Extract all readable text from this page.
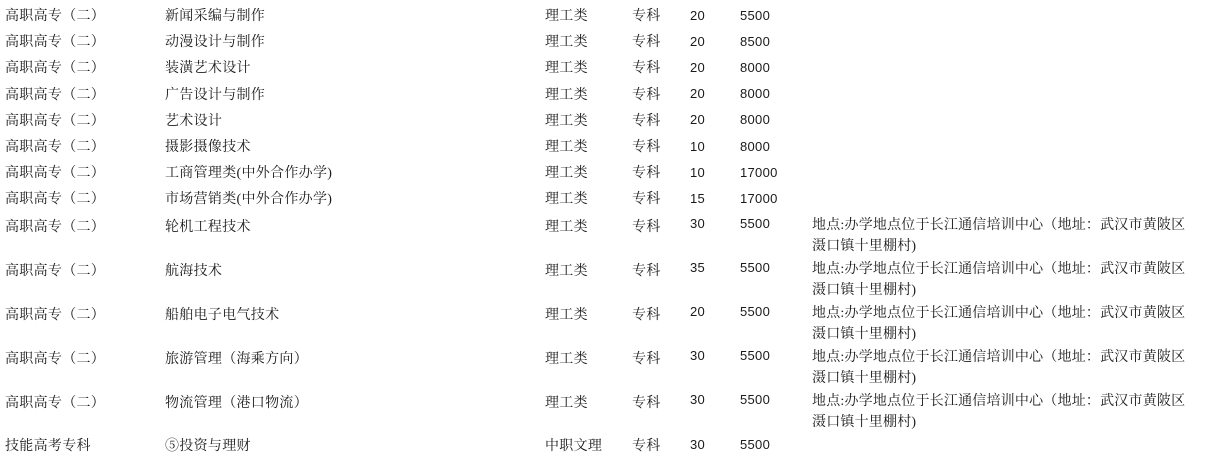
高职高专（二）	新闻采编与制作	理工类	专科	20	5500
高职高专（二）	动漫设计与制作	理工类	专科	20	8500
高职高专（二）	装潢艺术设计	理工类	专科	20	8000
高职高专（二）	广告设计与制作	理工类	专科	20	8000
高职高专（二）	艺术设计	理工类	专科	20	8000
高职高专（二）	摄影摄像技术	理工类	专科	10	8000
高职高专（二）	工商管理类(中外合作办学)	理工类	专科	10	17000
高职高专（二）	市场营销类(中外合作办学)	理工类	专科	15	17000
高职高专（二）	轮机工程技术	理工类	专科	30	5500	地点:办学地点位于长江通信培训中心（地址：武汉市黄陂区滠口镇十里棚村)
高职高专（二）	航海技术	理工类	专科	35	5500	地点:办学地点位于长江通信培训中心（地址：武汉市黄陂区滠口镇十里棚村)
高职高专（二）	船舶电子电气技术	理工类	专科	20	5500	地点:办学地点位于长江通信培训中心（地址：武汉市黄陂区滠口镇十里棚村)
高职高专（二）	旅游管理（海乘方向）	理工类	专科	30	5500	地点:办学地点位于长江通信培训中心（地址：武汉市黄陂区滠口镇十里棚村)
高职高专（二）	物流管理（港口物流）	理工类	专科	30	5500	地点:办学地点位于长江通信培训中心（地址：武汉市黄陂区滠口镇十里棚村)
技能高考专科	⑤投资与理财	中职文理	专科	30	5500
